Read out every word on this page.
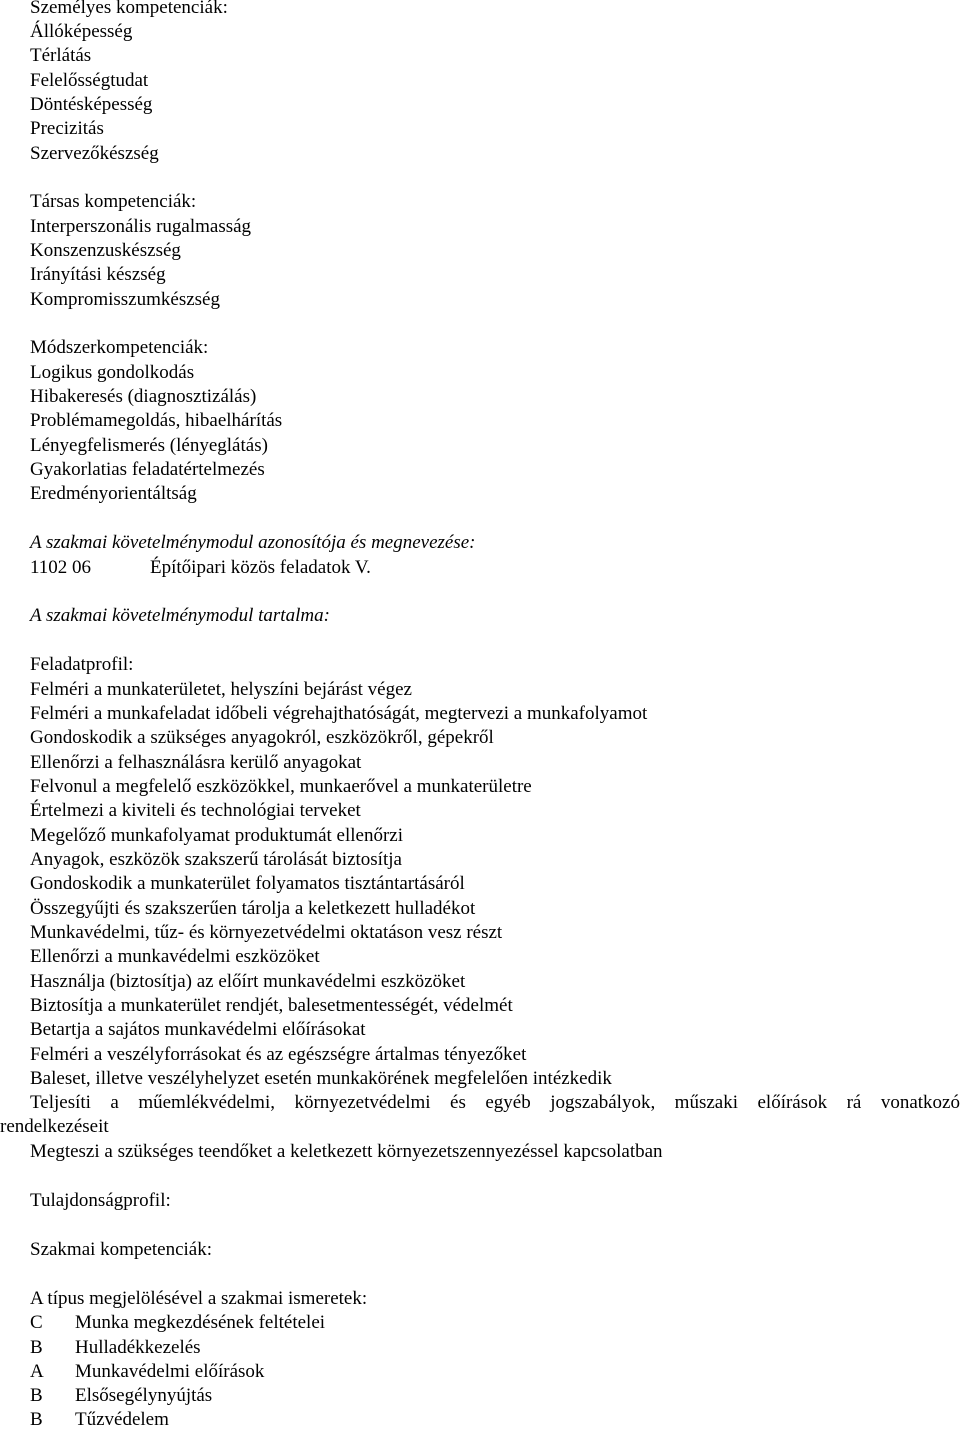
Személyes kompetenciák:
Állóképesség
Térlátás
Felelősségtudat
Döntésképesség
Precizitás
Szervezőkészség
Társas kompetenciák:
Interperszonális rugalmasság
Konszenzuskészség
Irányítási készség
Kompromisszumkészség
Módszerkompetenciák:
Logikus gondolkodás
Hibakeresés (diagnosztizálás)
Problémamegoldás, hibaelhárítás
Lényegfelismerés (lényeglátás)
Gyakorlatias feladatértelmezés
Eredményorientáltság
A szakmai követelménymodul azonosítója és megnevezése:
1102 06	Építőipari közös feladatok V.
A szakmai követelménymodul tartalma:
Feladatprofil:
Felméri a munkaterületet, helyszíni bejárást végez
Felméri a munkafeladat időbeli végrehajthatóságát, megtervezi a munkafolyamot
Gondoskodik a szükséges anyagokról, eszközökről, gépekről
Ellenőrzi a felhasználásra kerülő anyagokat
Felvonul a megfelelő eszközökkel, munkaerővel a munkaterületre
Értelmezi a kiviteli és technológiai terveket
Megelőző munkafolyamat produktumát ellenőrzi
Anyagok, eszközök szakszerű tárolását biztosítja
Gondoskodik a munkaterület folyamatos tisztántartásáról
Összegyűjti és szakszerűen tárolja a keletkezett hulladékot
Munkavédelmi, tűz- és környezetvédelmi oktatáson vesz részt
Ellenőrzi a munkavédelmi eszközöket
Használja (biztosítja) az előírt munkavédelmi eszközöket
Biztosítja a munkaterület rendjét, balesetmentességét, védelmét
Betartja a sajátos munkavédelmi előírásokat
Felméri a veszélyforrásokat és az egészségre ártalmas tényezőket
Baleset, illetve veszélyhelyzet esetén munkakörének megfelelően intézkedik
Teljesíti a műemlékvédelmi, környezetvédelmi és egyéb jogszabályok, műszaki előírások rá vonatkozó
rendelkezéseit
Megteszi a szükséges teendőket a keletkezett környezetszennyezéssel kapcsolatban
Tulajdonságprofil:
Szakmai kompetenciák:
A típus megjelölésével a szakmai ismeretek:
C Munka megkezdésének feltételei
B Hulladékkezelés
A Munkavédelmi előírások
B Elsősegélynyújtás
B Tűzvédelem
